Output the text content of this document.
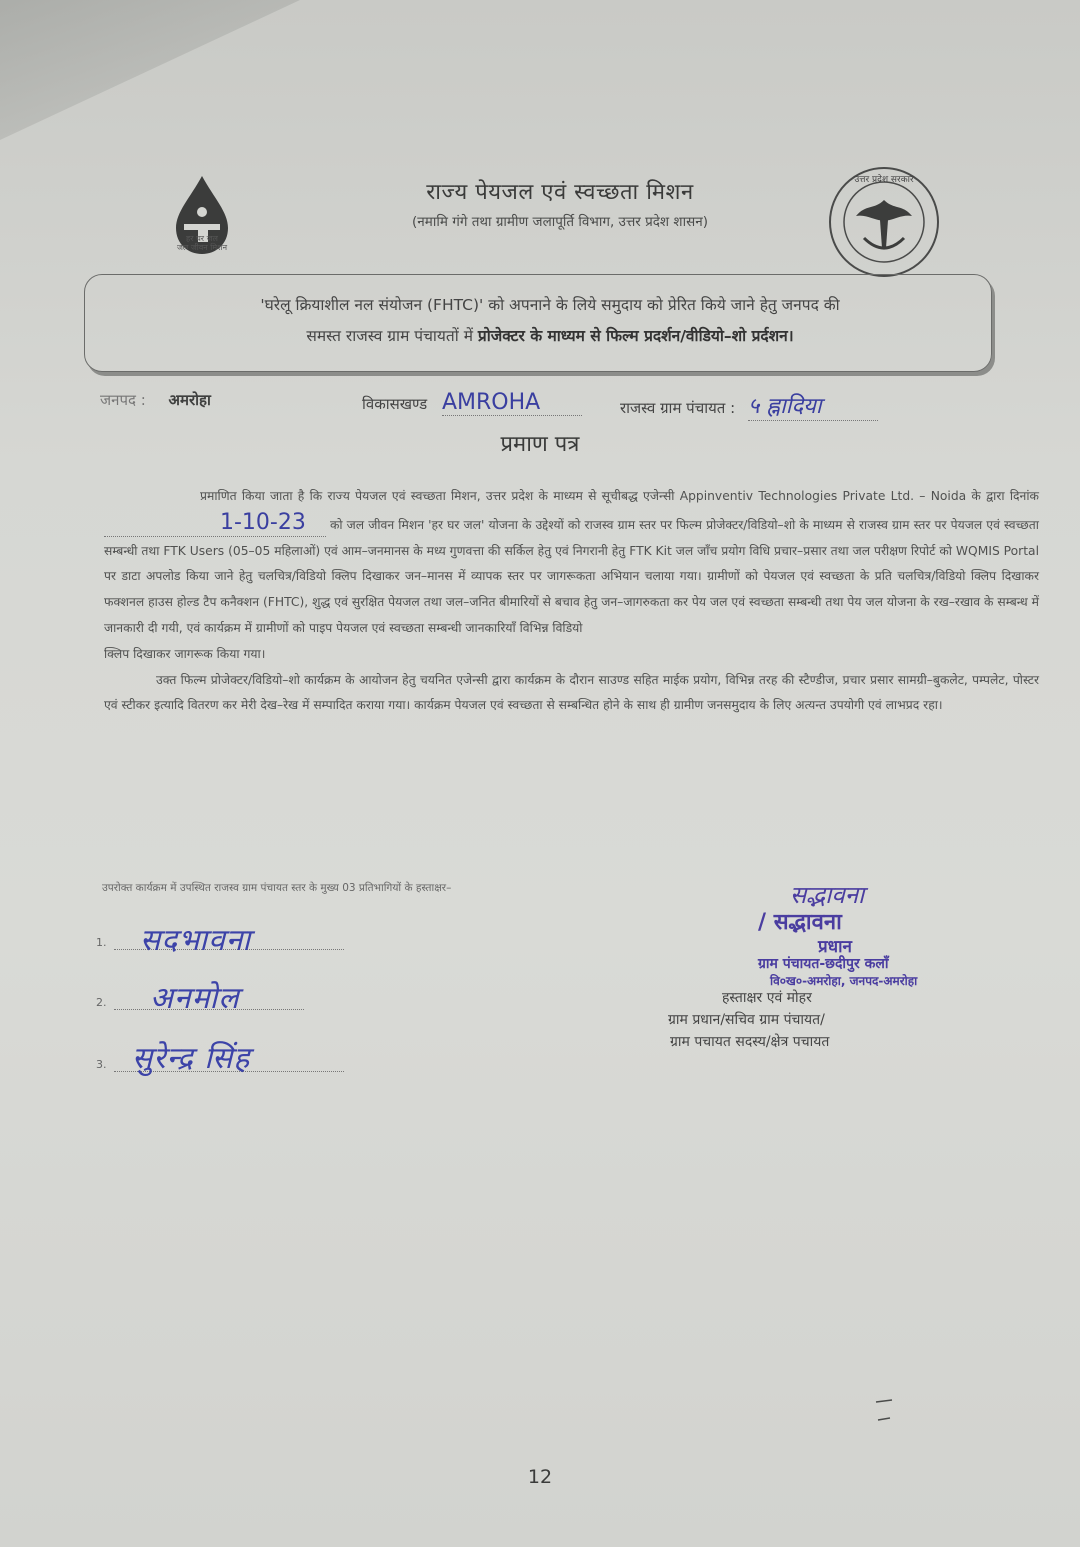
हर घर जल
जल जीवन मिशन
राज्य पेयजल एवं स्वच्छता मिशन
(नमामि गंगे तथा ग्रामीण जलापूर्ति विभाग, उत्तर प्रदेश शासन)
उत्तर प्रदेश सरकार
'घरेलू क्रियाशील नल संयोजन (FHTC)' को अपनाने के लिये समुदाय को प्रेरित किये जाने हेतु जनपद की
समस्त राजस्व ग्राम पंचायतों में प्रोजेक्टर के माध्यम से फिल्म प्रदर्शन/वीडियो–शो प्रर्दशन।
जनपद : अमरोहा	विकासखण्ड AMROHA	राजस्व ग्राम पंचायत : ५ ह्नादिया
प्रमाण पत्र

प्रमाणित किया जाता है कि राज्य पेयजल एवं स्वच्छता मिशन, उत्तर प्रदेश के माध्यम से सूचीबद्ध एजेन्सी Appinventiv Technologies Private Ltd. – Noida के द्वारा दिनांक 1-10-23 को जल जीवन मिशन 'हर घर जल' योजना के उद्देश्यों को राजस्व ग्राम स्तर पर फिल्म प्रोजेक्टर/विडियो–शो के माध्यम से राजस्व ग्राम स्तर पर पेयजल एवं स्वच्छता सम्बन्धी तथा FTK Users (05–05 महिलाओं) एवं आम–जनमानस के मध्य गुणवत्ता की सर्किल हेतु एवं निगरानी हेतु FTK Kit जल जाँच प्रयोग विधि प्रचार–प्रसार तथा जल परीक्षण रिपोर्ट को WQMIS Portal पर डाटा अपलोड किया जाने हेतु चलचित्र/विडियो क्लिप दिखाकर जन–मानस में व्यापक स्तर पर जागरूकता अभियान चलाया गया। ग्रामीणों को पेयजल एवं स्वच्छता के प्रति चलचित्र/विडियो क्लिप दिखाकर फक्शनल हाउस होल्ड टैप कनैक्शन (FHTC), शुद्ध एवं सुरक्षित पेयजल तथा जल–जनित बीमारियों से बचाव हेतु जन–जागरुकता कर पेय जल एवं स्वच्छता सम्बन्धी तथा पेय जल योजना के रख–रखाव के सम्बन्ध में जानकारी दी गयी, एवं कार्यक्रम में ग्रामीणों को पाइप पेयजल एवं स्वच्छता सम्बन्धी जानकारियाँ विभिन्न विडियो

क्लिप दिखाकर जागरूक किया गया।

उक्त फिल्म प्रोजेक्टर/विडियो–शो कार्यक्रम के आयोजन हेतु चयनित एजेन्सी द्वारा कार्यक्रम के दौरान साउण्ड सहित माईक प्रयोग, विभिन्न तरह की स्टैण्डीज, प्रचार प्रसार सामग्री–बुकलेट, पम्पलेट, पोस्टर एवं स्टीकर इत्यादि वितरण कर मेरी देख–रेख में सम्पादित कराया गया। कार्यक्रम पेयजल एवं स्वच्छता से सम्बन्धित होने के साथ ही ग्रामीण जनसमुदाय के लिए अत्यन्त उपयोगी एवं लाभप्रद रहा।

उपरोक्त कार्यक्रम में उपस्थित राजस्व ग्राम पंचायत स्तर के मुख्य 03 प्रतिभागियों के हस्ताक्षर–
1.	सदभावना
2.	अनमोल
3. सुरेन्द्र सिंह
सद्भावना
/ सद्भावना
प्रधान
ग्राम पंचायत-छदीपुर कलाँ
वि०ख०-अमरोहा, जनपद-अमरोहा
हस्ताक्षर एवं मोहर
ग्राम प्रधान/सचिव ग्राम पंचायत/
ग्राम पचायत सदस्य/क्षेत्र पचायत
12
